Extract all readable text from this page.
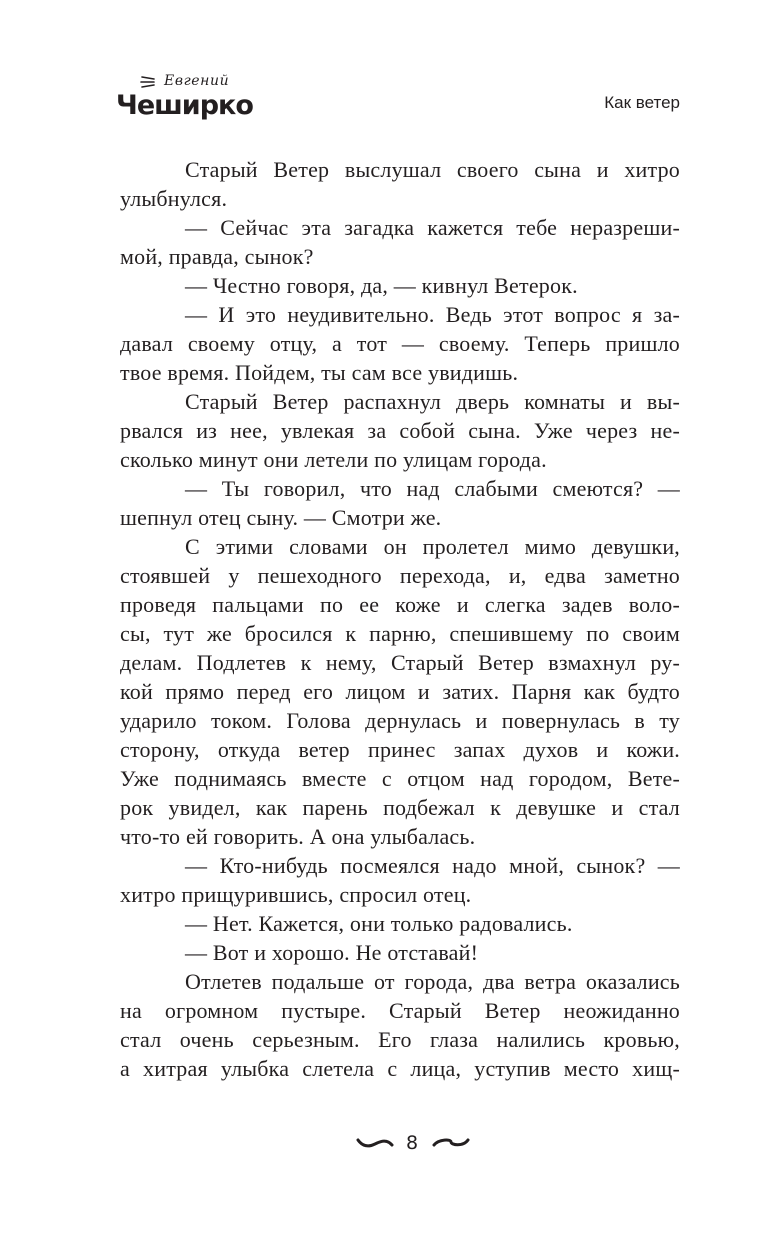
Евгений
Чеширко	Как ветер
Старый Ветер выслушал своего сына и хитро
улыбнулся.
— Сейчас эта загадка кажется тебе неразреши-
мой, правда, сынок?
— Честно говоря, да, — кивнул Ветерок.
— И это неудивительно. Ведь этот вопрос я за-
давал своему отцу, а тот — своему. Теперь пришло
твое время. Пойдем, ты сам все увидишь.
Старый Ветер распахнул дверь комнаты и вы-
рвался из нее, увлекая за собой сына. Уже через не-
сколько минут они летели по улицам города.
— Ты говорил, что над слабыми смеются? —
шепнул отец сыну. — Смотри же.
С этими словами он пролетел мимо девушки,
стоявшей у пешеходного перехода, и, едва заметно
проведя пальцами по ее коже и слегка задев воло-
сы, тут же бросился к парню, спешившему по своим
делам. Подлетев к нему, Старый Ветер взмахнул ру-
кой прямо перед его лицом и затих. Парня как будто
ударило током. Голова дернулась и повернулась в ту
сторону, откуда ветер принес запах духов и кожи.
Уже поднимаясь вместе с отцом над городом, Вете-
рок увидел, как парень подбежал к девушке и стал
что-то ей говорить. А она улыбалась.
— Кто-нибудь посмеялся надо мной, сынок? —
хитро прищурившись, спросил отец.
— Нет. Кажется, они только радовались.
— Вот и хорошо. Не отставай!
Отлетев подальше от города, два ветра оказались
на огромном пустыре. Старый Ветер неожиданно
стал очень серьезным. Его глаза налились кровью,
а хитрая улыбка слетела с лица, уступив место хищ-
8
